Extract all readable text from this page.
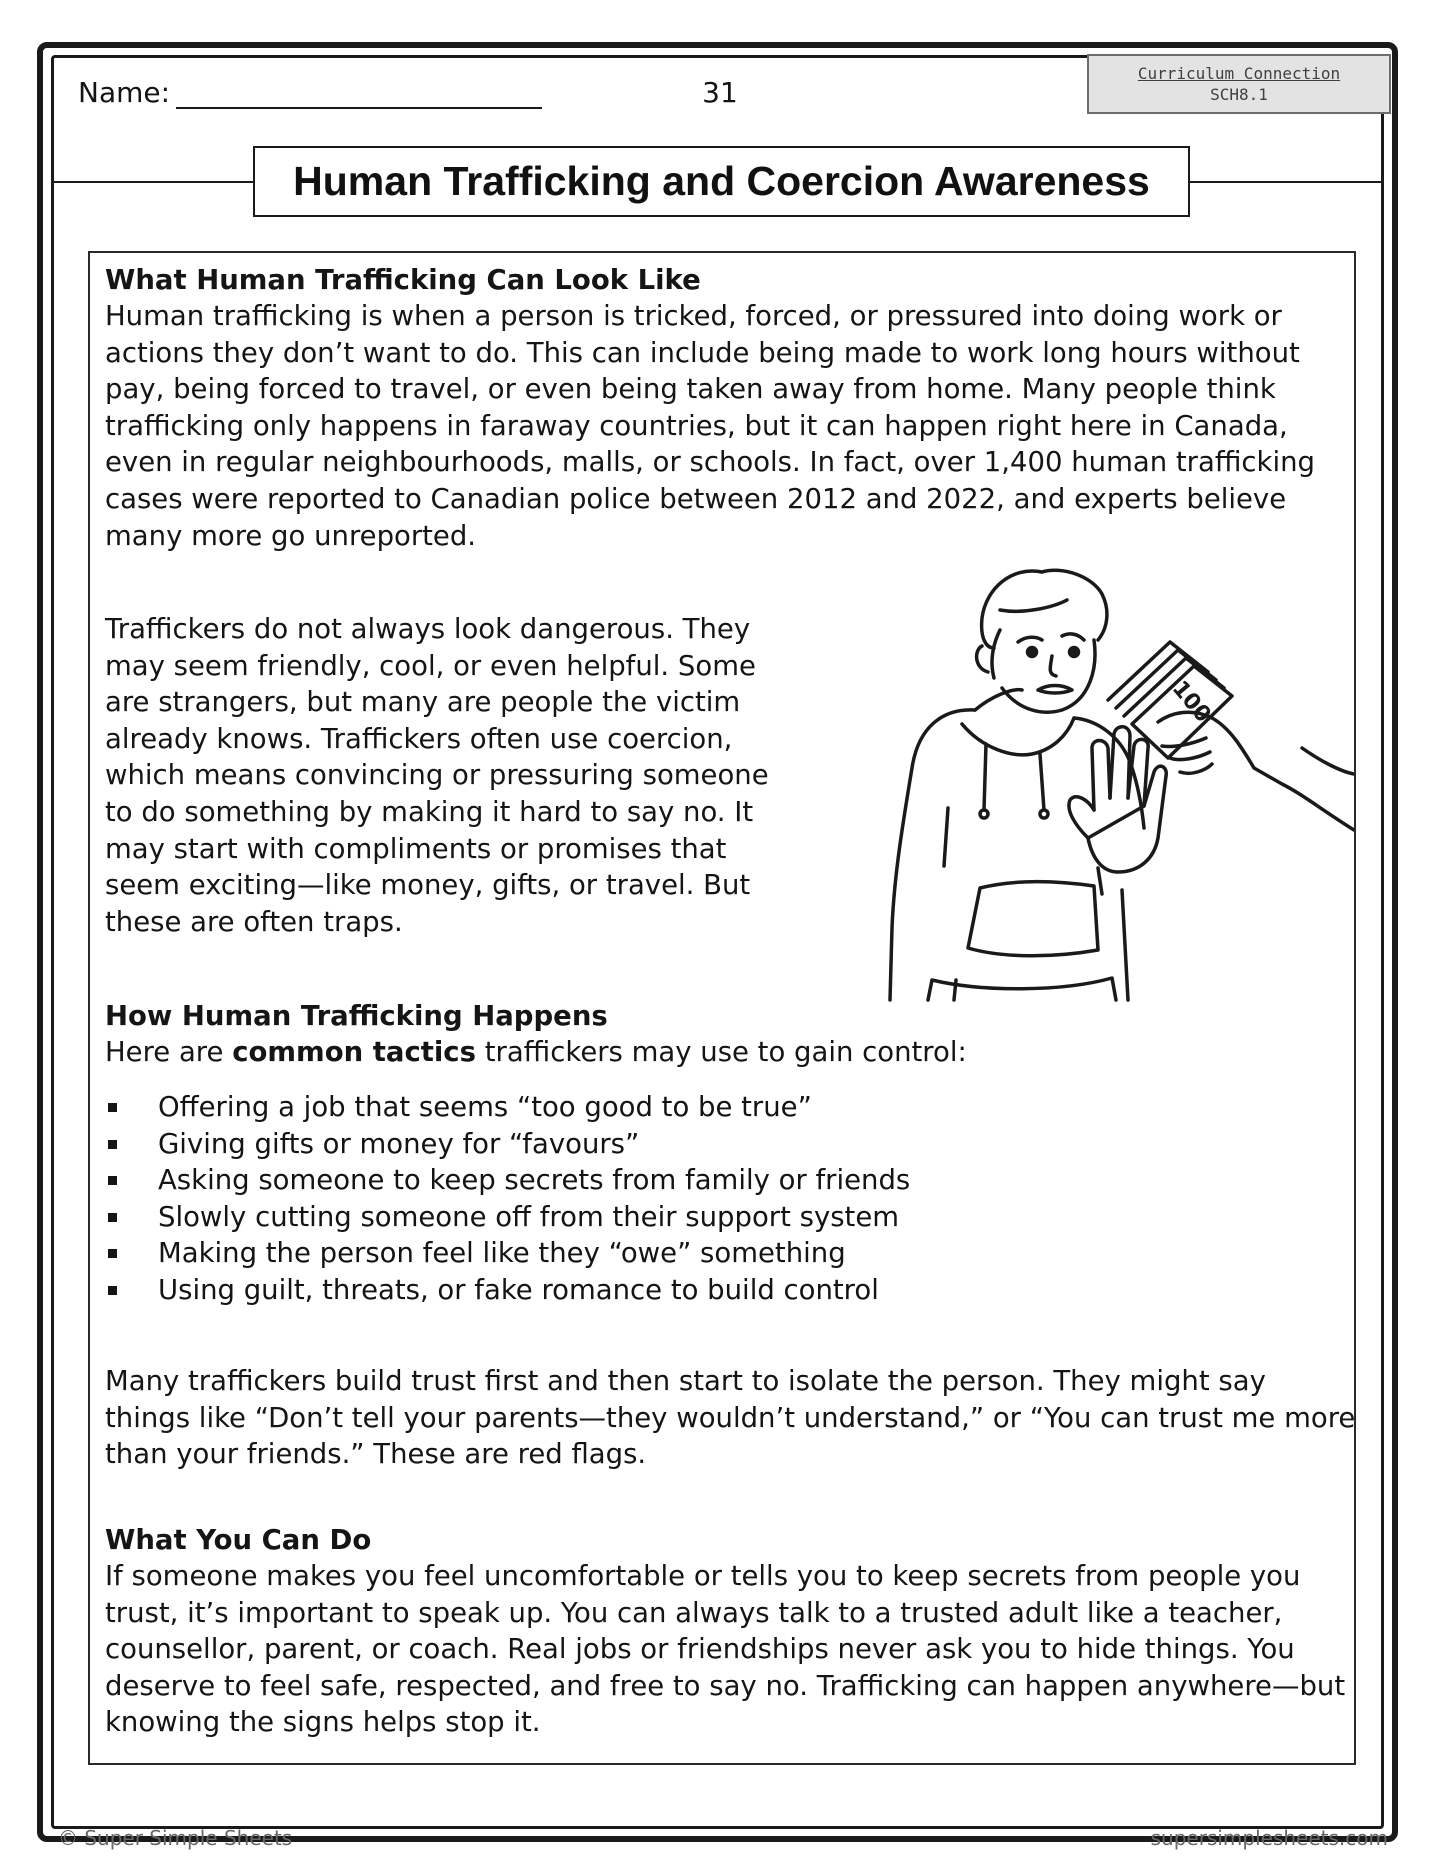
Name:	31
Curriculum Connection
SCH8.1
Human Trafficking and Coercion Awareness

What Human Trafficking Can Look Like

Human trafficking is when a person is tricked, forced, or pressured into doing work or
actions they don’t want to do. This can include being made to work long hours without
pay, being forced to travel, or even being taken away from home. Many people think
trafficking only happens in faraway countries, but it can happen right here in Canada,
even in regular neighbourhoods, malls, or schools. In fact, over 1,400 human trafficking
cases were reported to Canadian police between 2012 and 2022, and experts believe
many more go unreported.
Traffickers do not always look dangerous. They
may seem friendly, cool, or even helpful. Some
are strangers, but many are people the victim
already knows. Traffickers often use coercion,
which means convincing or pressuring someone
to do something by making it hard to say no. It
may start with compliments or promises that
seem exciting—like money, gifts, or travel. But
these are often traps.
100

How Human Trafficking Happens

Here are common tactics traffickers may use to gain control:

Offering a job that seems “too good to be true”
Giving gifts or money for “favours”
Asking someone to keep secrets from family or friends
Slowly cutting someone off from their support system
Making the person feel like they “owe” something
Using guilt, threats, or fake romance to build control
Many traffickers build trust first and then start to isolate the person. They might say
things like “Don’t tell your parents—they wouldn’t understand,” or “You can trust me more
than your friends.” These are red flags.

What You Can Do

If someone makes you feel uncomfortable or tells you to keep secrets from people you
trust, it’s important to speak up. You can always talk to a trusted adult like a teacher,
counsellor, parent, or coach. Real jobs or friendships never ask you to hide things. You
deserve to feel safe, respected, and free to say no. Trafficking can happen anywhere—but
knowing the signs helps stop it.
© Super Simple Sheets	supersimplesheets.com
